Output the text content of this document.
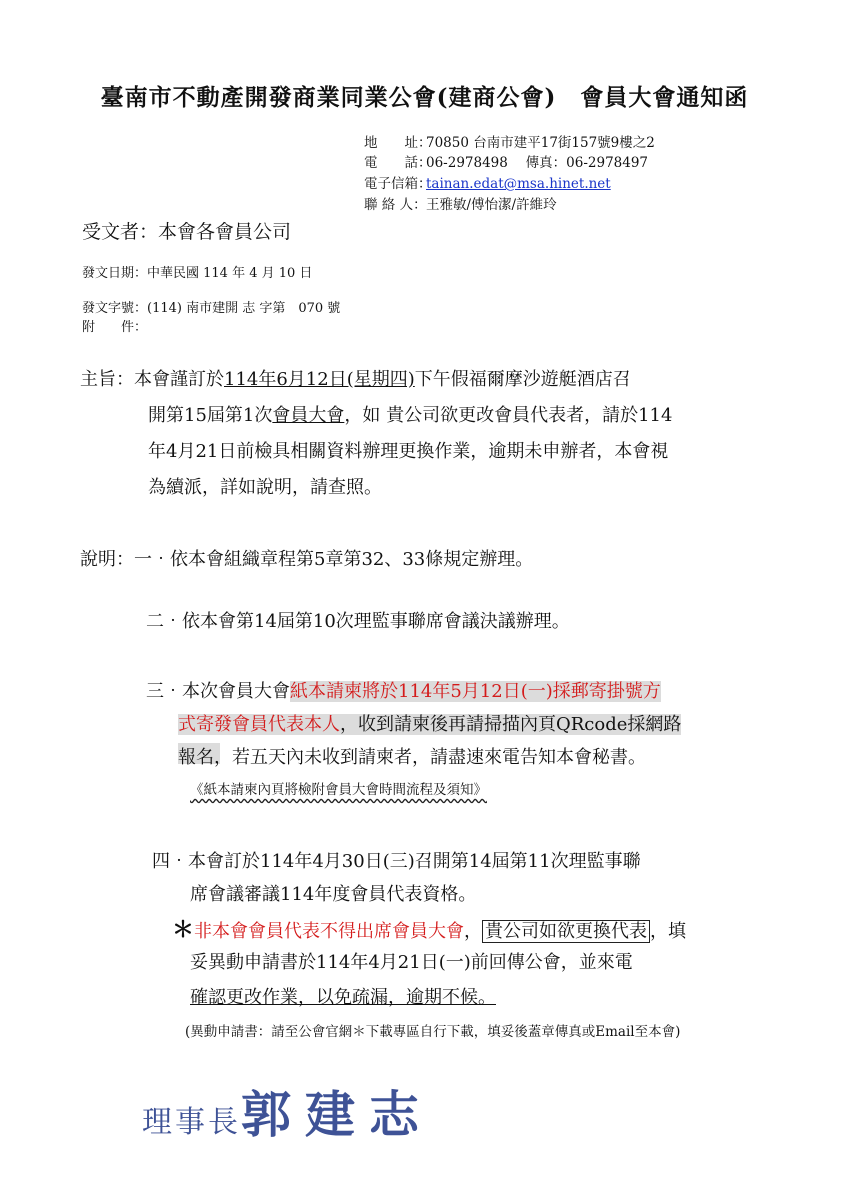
臺南市不動產開發商業同業公會(建商公會)　會員大會通知函
地　　址：70850 台南市建平17街157號9樓之2
電　　話：06-2978498　 傳真：06-2978497
電子信箱：tainan.edat@msa.hinet.net
聯 絡 人：王雅敏/傅怡潔/許維玲
受文者：本會各會員公司
發文日期：中華民國 114 年 4 月 10 日
發文字號：(114) 南市建開 志 字第　070 號
附　　件：
主旨：本會謹訂於114年6月12日(星期四)下午假福爾摩沙遊艇酒店召
開第15屆第1次會員大會，如 貴公司欲更改會員代表者，請於114
年4月21日前檢具相關資料辦理更換作業，逾期未申辦者，本會視
為續派，詳如說明，請查照。
說明：一‧依本會組織章程第5章第32、33條規定辦理。
二‧依本會第14屆第10次理監事聯席會議決議辦理。
三‧本次會員大會紙本請柬將於114年5月12日(一)採郵寄掛號方
式寄發會員代表本人，收到請柬後再請掃描內頁QRcode採網路
報名，若五天內未收到請柬者，請盡速來電告知本會秘書。
《紙本請柬內頁將檢附會員大會時間流程及須知》
四‧本會訂於114年4月30日(三)召開第14屆第11次理監事聯
席會議審議114年度會員代表資格。
＊非本會會員代表不得出席會員大會， 貴公司如欲更換代表 ，填
妥異動申請書於114年4月21日(一)前回傳公會，並來電
確認更改作業，以免疏漏，逾期不候。
(異動申請書：請至公會官網＊下載專區自行下載，填妥後蓋章傳真或Email至本會)
理事長郭建志
